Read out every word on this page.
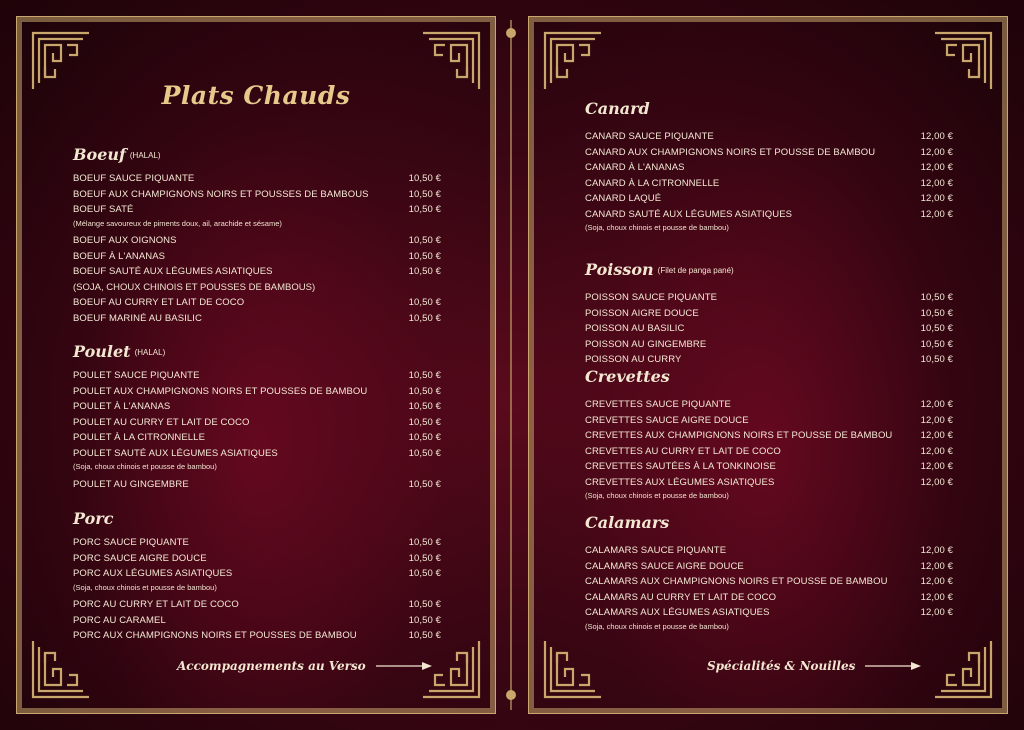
Plats Chauds
Boeuf (HALAL)
BOEUF SAUCE PIQUANTE	10,50 €
BOEUF AUX CHAMPIGNONS NOIRS ET POUSSES DE BAMBOUS	10,50 €
BOEUF SATÉ	10,50 €
(Mélange savoureux de piments doux, ail, arachide et sésame)
BOEUF AUX OIGNONS	10,50 €
BOEUF À L'ANANAS	10,50 €
BOEUF SAUTÉ AUX LÉGUMES ASIATIQUES	10,50 €
(SOJA, CHOUX CHINOIS ET POUSSES DE BAMBOUS)
BOEUF AU CURRY ET LAIT DE COCO	10,50 €
BOEUF MARINÉ AU BASILIC	10,50 €
Poulet (HALAL)
POULET SAUCE PIQUANTE	10,50 €
POULET AUX CHAMPIGNONS NOIRS ET POUSSES DE BAMBOU	10,50 €
POULET À L'ANANAS	10,50 €
POULET AU CURRY ET LAIT DE COCO	10,50 €
POULET À LA CITRONNELLE	10,50 €
POULET SAUTÉ AUX LÉGUMES ASIATIQUES	10,50 €
(Soja, choux chinois et pousse de bambou)
POULET AU GINGEMBRE	10,50 €
Porc
PORC SAUCE PIQUANTE	10,50 €
PORC SAUCE AIGRE DOUCE	10,50 €
PORC AUX LÉGUMES ASIATIQUES	10,50 €
(Soja, choux chinois et pousse de bambou)
PORC AU CURRY ET LAIT DE COCO	10,50 €
PORC AU CARAMEL	10,50 €
PORC AUX CHAMPIGNONS NOIRS ET POUSSES DE BAMBOU	10,50 €
Accompagnements au Verso
Canard
CANARD SAUCE PIQUANTE	12,00 €
CANARD AUX CHAMPIGNONS NOIRS ET POUSSE DE BAMBOU	12,00 €
CANARD À L'ANANAS	12,00 €
CANARD À LA CITRONNELLE	12,00 €
CANARD LAQUÉ	12,00 €
CANARD SAUTÉ AUX LÉGUMES ASIATIQUES	12,00 €
(Soja, choux chinois et pousse de bambou)
Poisson (Filet de panga pané)
POISSON SAUCE PIQUANTE	10,50 €
POISSON AIGRE DOUCE	10,50 €
POISSON AU BASILIC	10,50 €
POISSON AU GINGEMBRE	10,50 €
POISSON AU CURRY	10,50 €
Crevettes
CREVETTES SAUCE PIQUANTE	12,00 €
CREVETTES SAUCE AIGRE DOUCE	12,00 €
CREVETTES AUX CHAMPIGNONS NOIRS ET POUSSE DE BAMBOU	12,00 €
CREVETTES AU CURRY ET LAIT DE COCO	12,00 €
CREVETTES SAUTÉES À LA TONKINOISE	12,00 €
CREVETTES AUX LÉGUMES ASIATIQUES	12,00 €
(Soja, choux chinois et pousse de bambou)
Calamars
CALAMARS SAUCE PIQUANTE	12,00 €
CALAMARS SAUCE AIGRE DOUCE	12,00 €
CALAMARS AUX CHAMPIGNONS NOIRS ET POUSSE DE BAMBOU	12,00 €
CALAMARS AU CURRY ET LAIT DE COCO	12,00 €
CALAMARS AUX LÉGUMES ASIATIQUES	12,00 €
(Soja, choux chinois et pousse de bambou)
Spécialités & Nouilles
